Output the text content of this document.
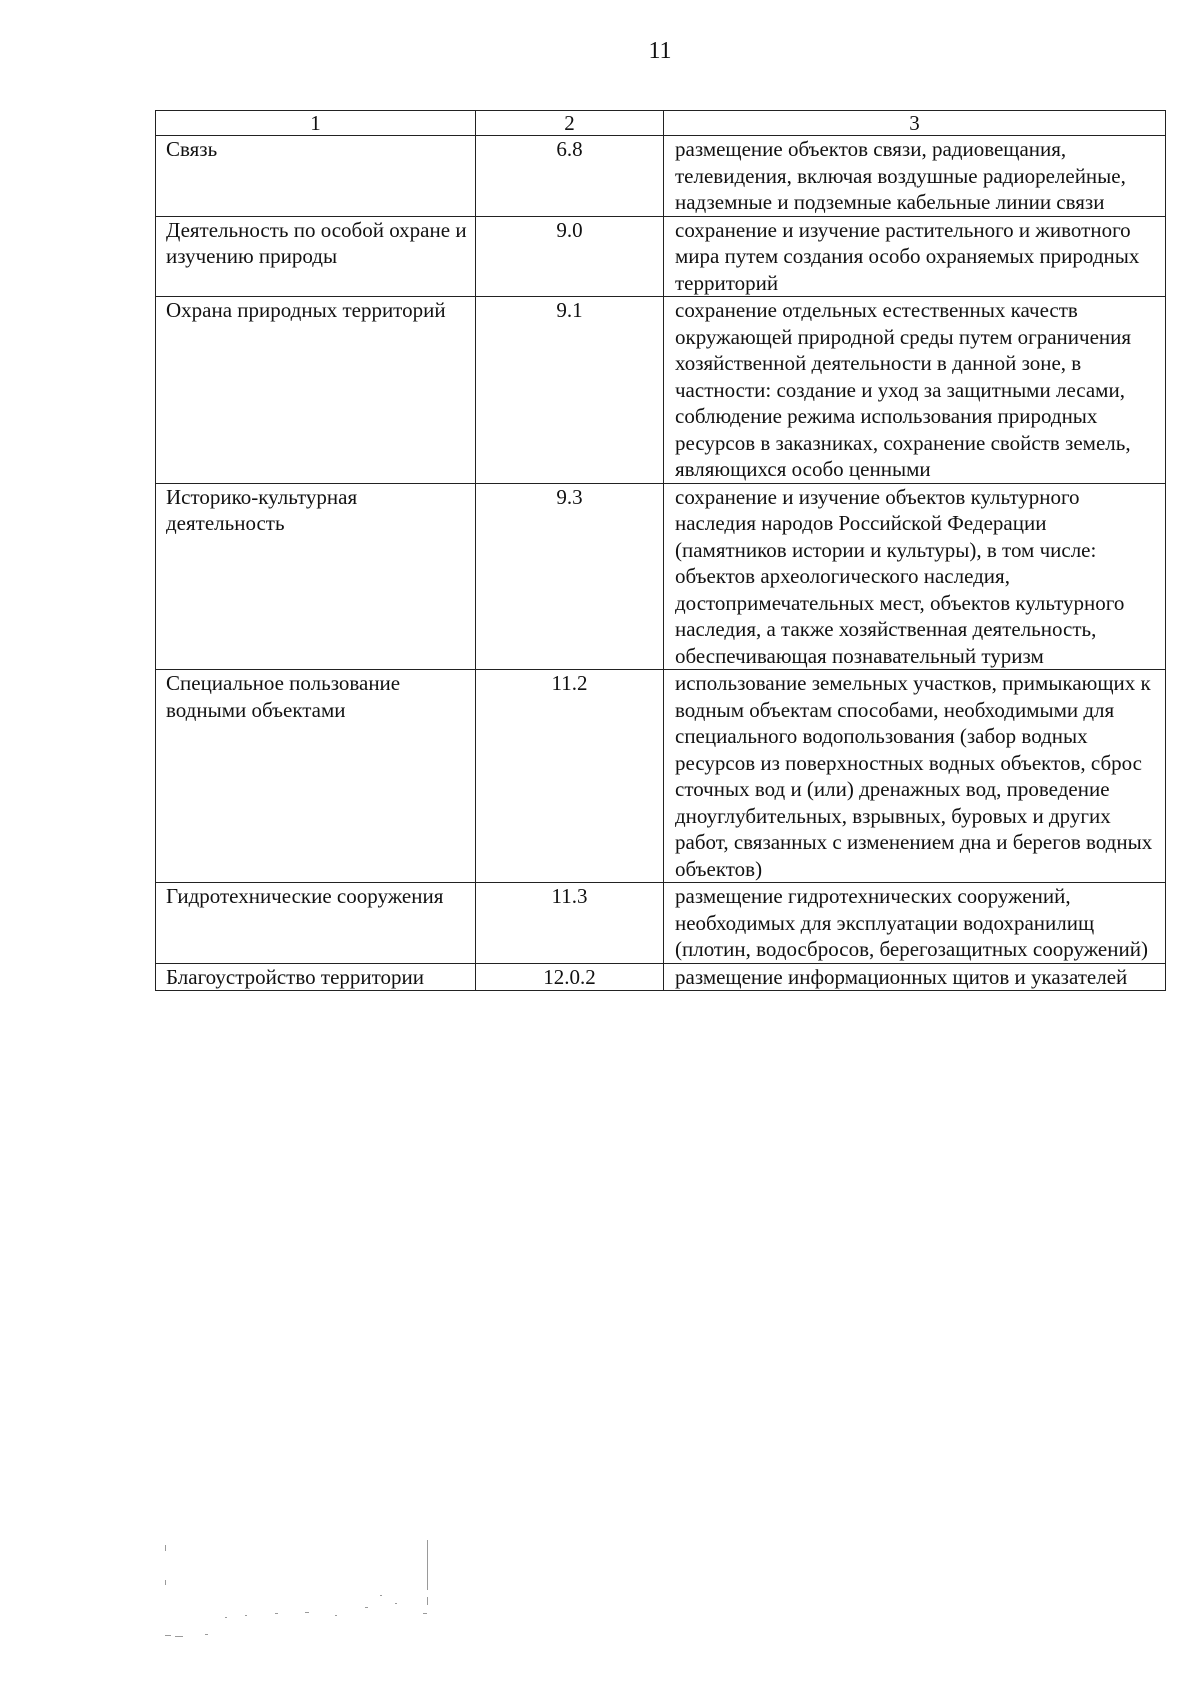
11
1	2	3
Связь	6.8	размещение объектов связи, радиовещания, телевидения, включая воздушные радиорелейные, надземные и подземные кабельные линии связи
Деятельность по особой охране и изучению природы	9.0	сохранение и изучение растительного и животного мира путем создания особо охраняемых природных территорий
Охрана природных территорий	9.1	сохранение отдельных естественных качеств окружающей природной среды путем ограничения хозяйственной деятельности в данной зоне, в частности: создание и уход за защитными лесами, соблюдение режима использования природных ресурсов в заказниках, сохранение свойств земель, являющихся особо ценными
Историко-культурная деятельность	9.3	сохранение и изучение объектов культурного наследия народов Российской Федерации (памятников истории и культуры), в том числе: объектов археологического наследия, достопримечательных мест, объектов культурного наследия, а также хозяйственная деятельность, обеспечивающая познавательный туризм
Специальное пользование водными объектами	11.2	использование земельных участков, примыкающих к водным объектам способами, необходимыми для специального водопользования (забор водных ресурсов из поверхностных водных объектов, сброс сточных вод и (или) дренажных вод, проведение дноуглубительных, взрывных, буровых и других работ, связанных с изменением дна и берегов водных объектов)
Гидротехнические сооружения	11.3	размещение гидротехнических сооружений, необходимых для эксплуатации водохранилищ (плотин, водосбросов, берегозащитных сооружений)
Благоустройство территории	12.0.2	размещение информационных щитов и указателей
